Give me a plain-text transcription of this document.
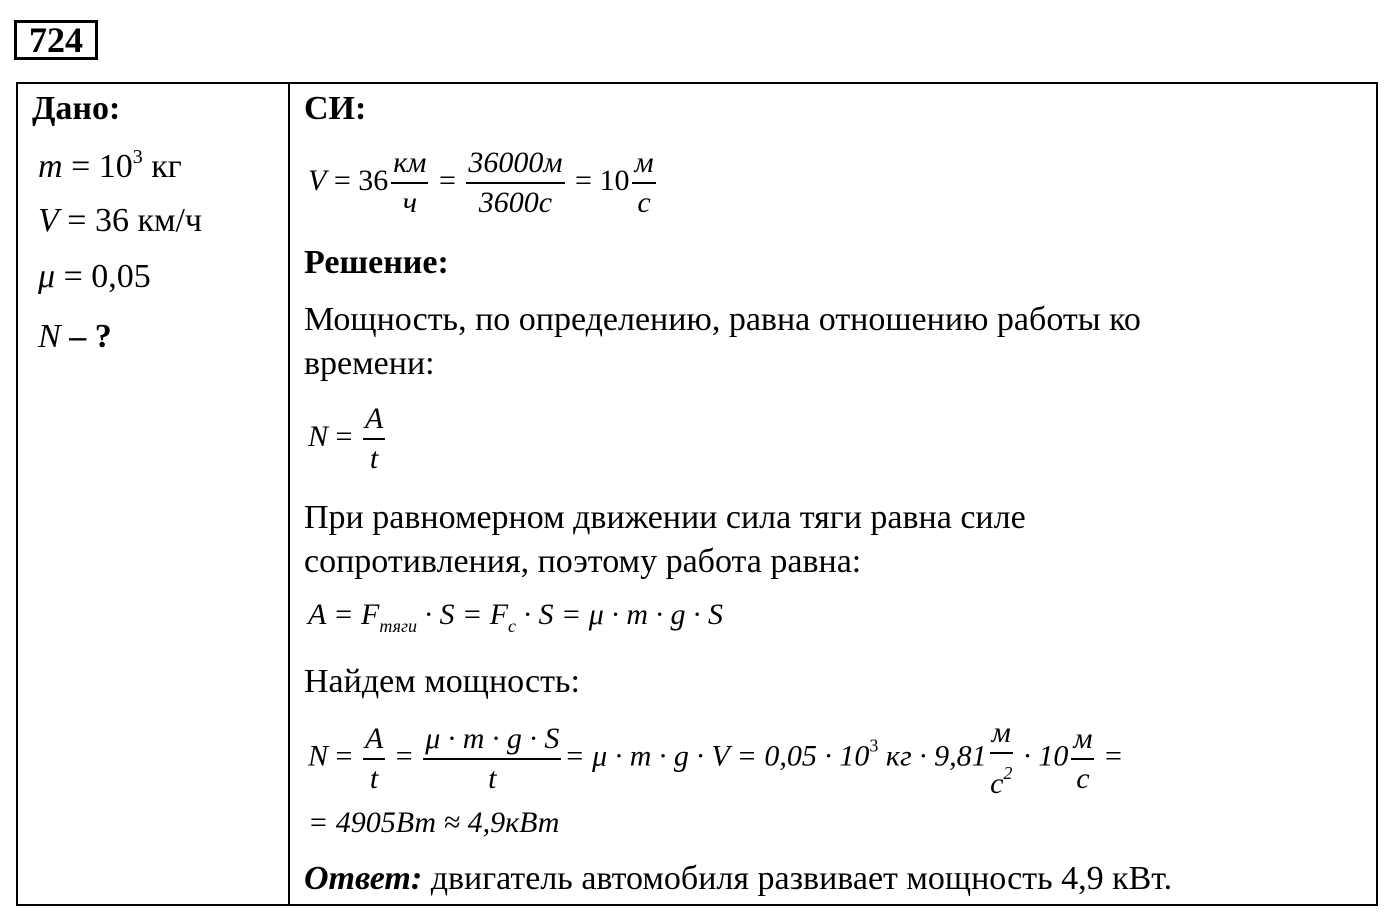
724
Дано:
$m = 10^3$ кг
V = 36 км/ч
μ = 0,05
N – ?
СИ:
$V = 36 \frac{км}{ч} = \frac{36000м}{3600с} = 10 \frac{м}{с}$
Решение:
Мощность, по определению, равна отношению работы ко
времени:
$N = \frac{A}{t}$
При равномерном движении сила тяги равна силе
сопротивления, поэтому работа равна:
$A = F_{тяги} \cdot S = F_с \cdot S = \mu \cdot m \cdot g \cdot S$
Найдем мощность:
$N = \frac{A}{t} = \frac{\mu \cdot m \cdot g \cdot S}{t} = \mu \cdot m \cdot g \cdot V = 0,05 \cdot 10^3$ кг · $9,81 \frac{м}{с^2} \cdot 10 \frac{м}{с}$ =
= 4905Вт ≈ 4,9кВт
Ответ: двигатель автомобиля развивает мощность 4,9 кВт.
